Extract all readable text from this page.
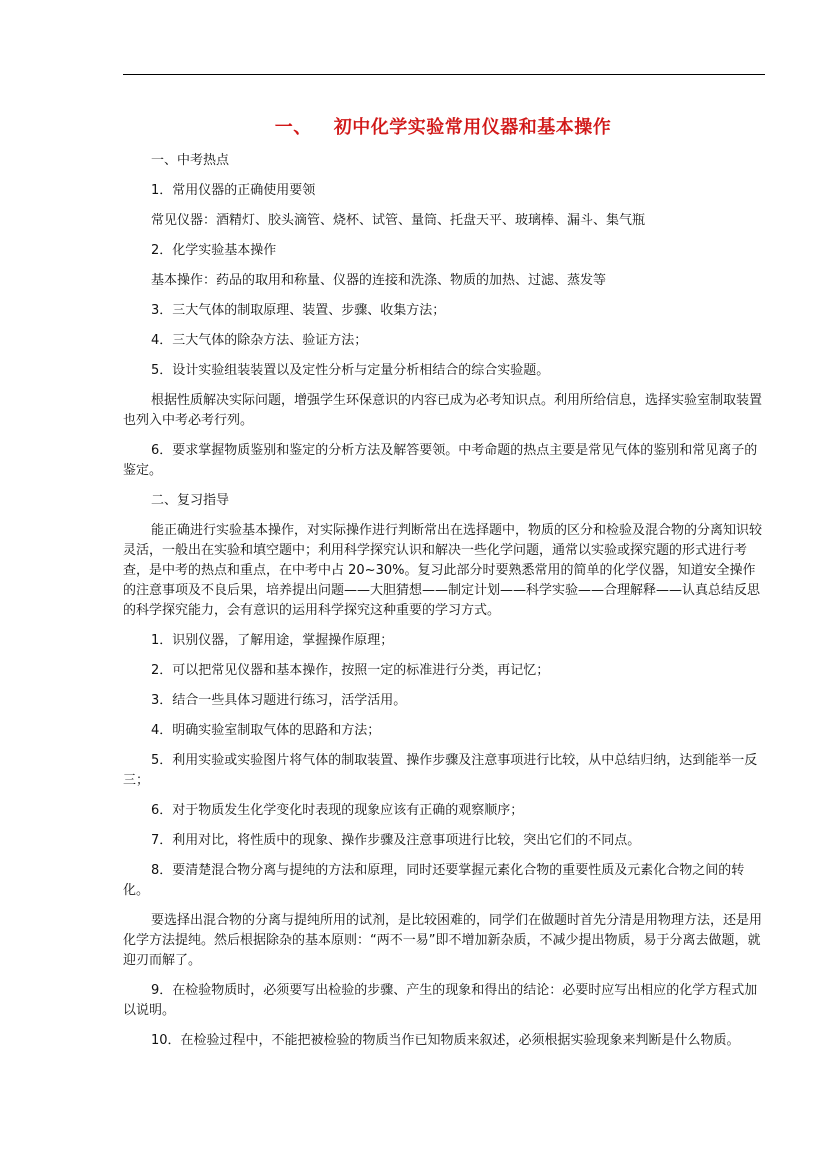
一、 初中化学实验常用仪器和基本操作

一、中考热点

1．常用仪器的正确使用要领

常见仪器：酒精灯、胶头滴管、烧杯、试管、量筒、托盘天平、玻璃棒、漏斗、集气瓶

2．化学实验基本操作

基本操作：药品的取用和称量、仪器的连接和洗涤、物质的加热、过滤、蒸发等

3．三大气体的制取原理、装置、步骤、收集方法；

4．三大气体的除杂方法、验证方法；

5．设计实验组装装置以及定性分析与定量分析相结合的综合实验题。

根据性质解决实际问题，增强学生环保意识的内容已成为必考知识点。利用所给信息，选择实验室制取装置也列入中考必考行列。

6．要求掌握物质鉴别和鉴定的分析方法及解答要领。中考命题的热点主要是常见气体的鉴别和常见离子的鉴定。

二、复习指导

能正确进行实验基本操作，对实际操作进行判断常出在选择题中，物质的区分和检验及混合物的分离知识较灵活，一般出在实验和填空题中；利用科学探究认识和解决一些化学问题，通常以实验或探究题的形式进行考查，是中考的热点和重点，在中考中占 20~30%。复习此部分时要熟悉常用的简单的化学仪器，知道安全操作的注意事项及不良后果，培养提出问题——大胆猜想——制定计划——科学实验——合理解释——认真总结反思的科学探究能力，会有意识的运用科学探究这种重要的学习方式。

1．识别仪器，了解用途，掌握操作原理；

2．可以把常见仪器和基本操作，按照一定的标准进行分类，再记忆；

3．结合一些具体习题进行练习，活学活用。

4．明确实验室制取气体的思路和方法；

5．利用实验或实验图片将气体的制取装置、操作步骤及注意事项进行比较，从中总结归纳，达到能举一反三；

6．对于物质发生化学变化时表现的现象应该有正确的观察顺序；

7．利用对比，将性质中的现象、操作步骤及注意事项进行比较，突出它们的不同点。

8．要清楚混合物分离与提纯的方法和原理，同时还要掌握元素化合物的重要性质及元素化合物之间的转化。

要选择出混合物的分离与提纯所用的试剂，是比较困难的，同学们在做题时首先分清是用物理方法，还是用化学方法提纯。然后根据除杂的基本原则：“两不一易”即不增加新杂质，不减少提出物质，易于分离去做题，就迎刃而解了。

9．在检验物质时，必须要写出检验的步骤、产生的现象和得出的结论：必要时应写出相应的化学方程式加以说明。

10．在检验过程中，不能把被检验的物质当作已知物质来叙述，必须根据实验现象来判断是什么物质。
